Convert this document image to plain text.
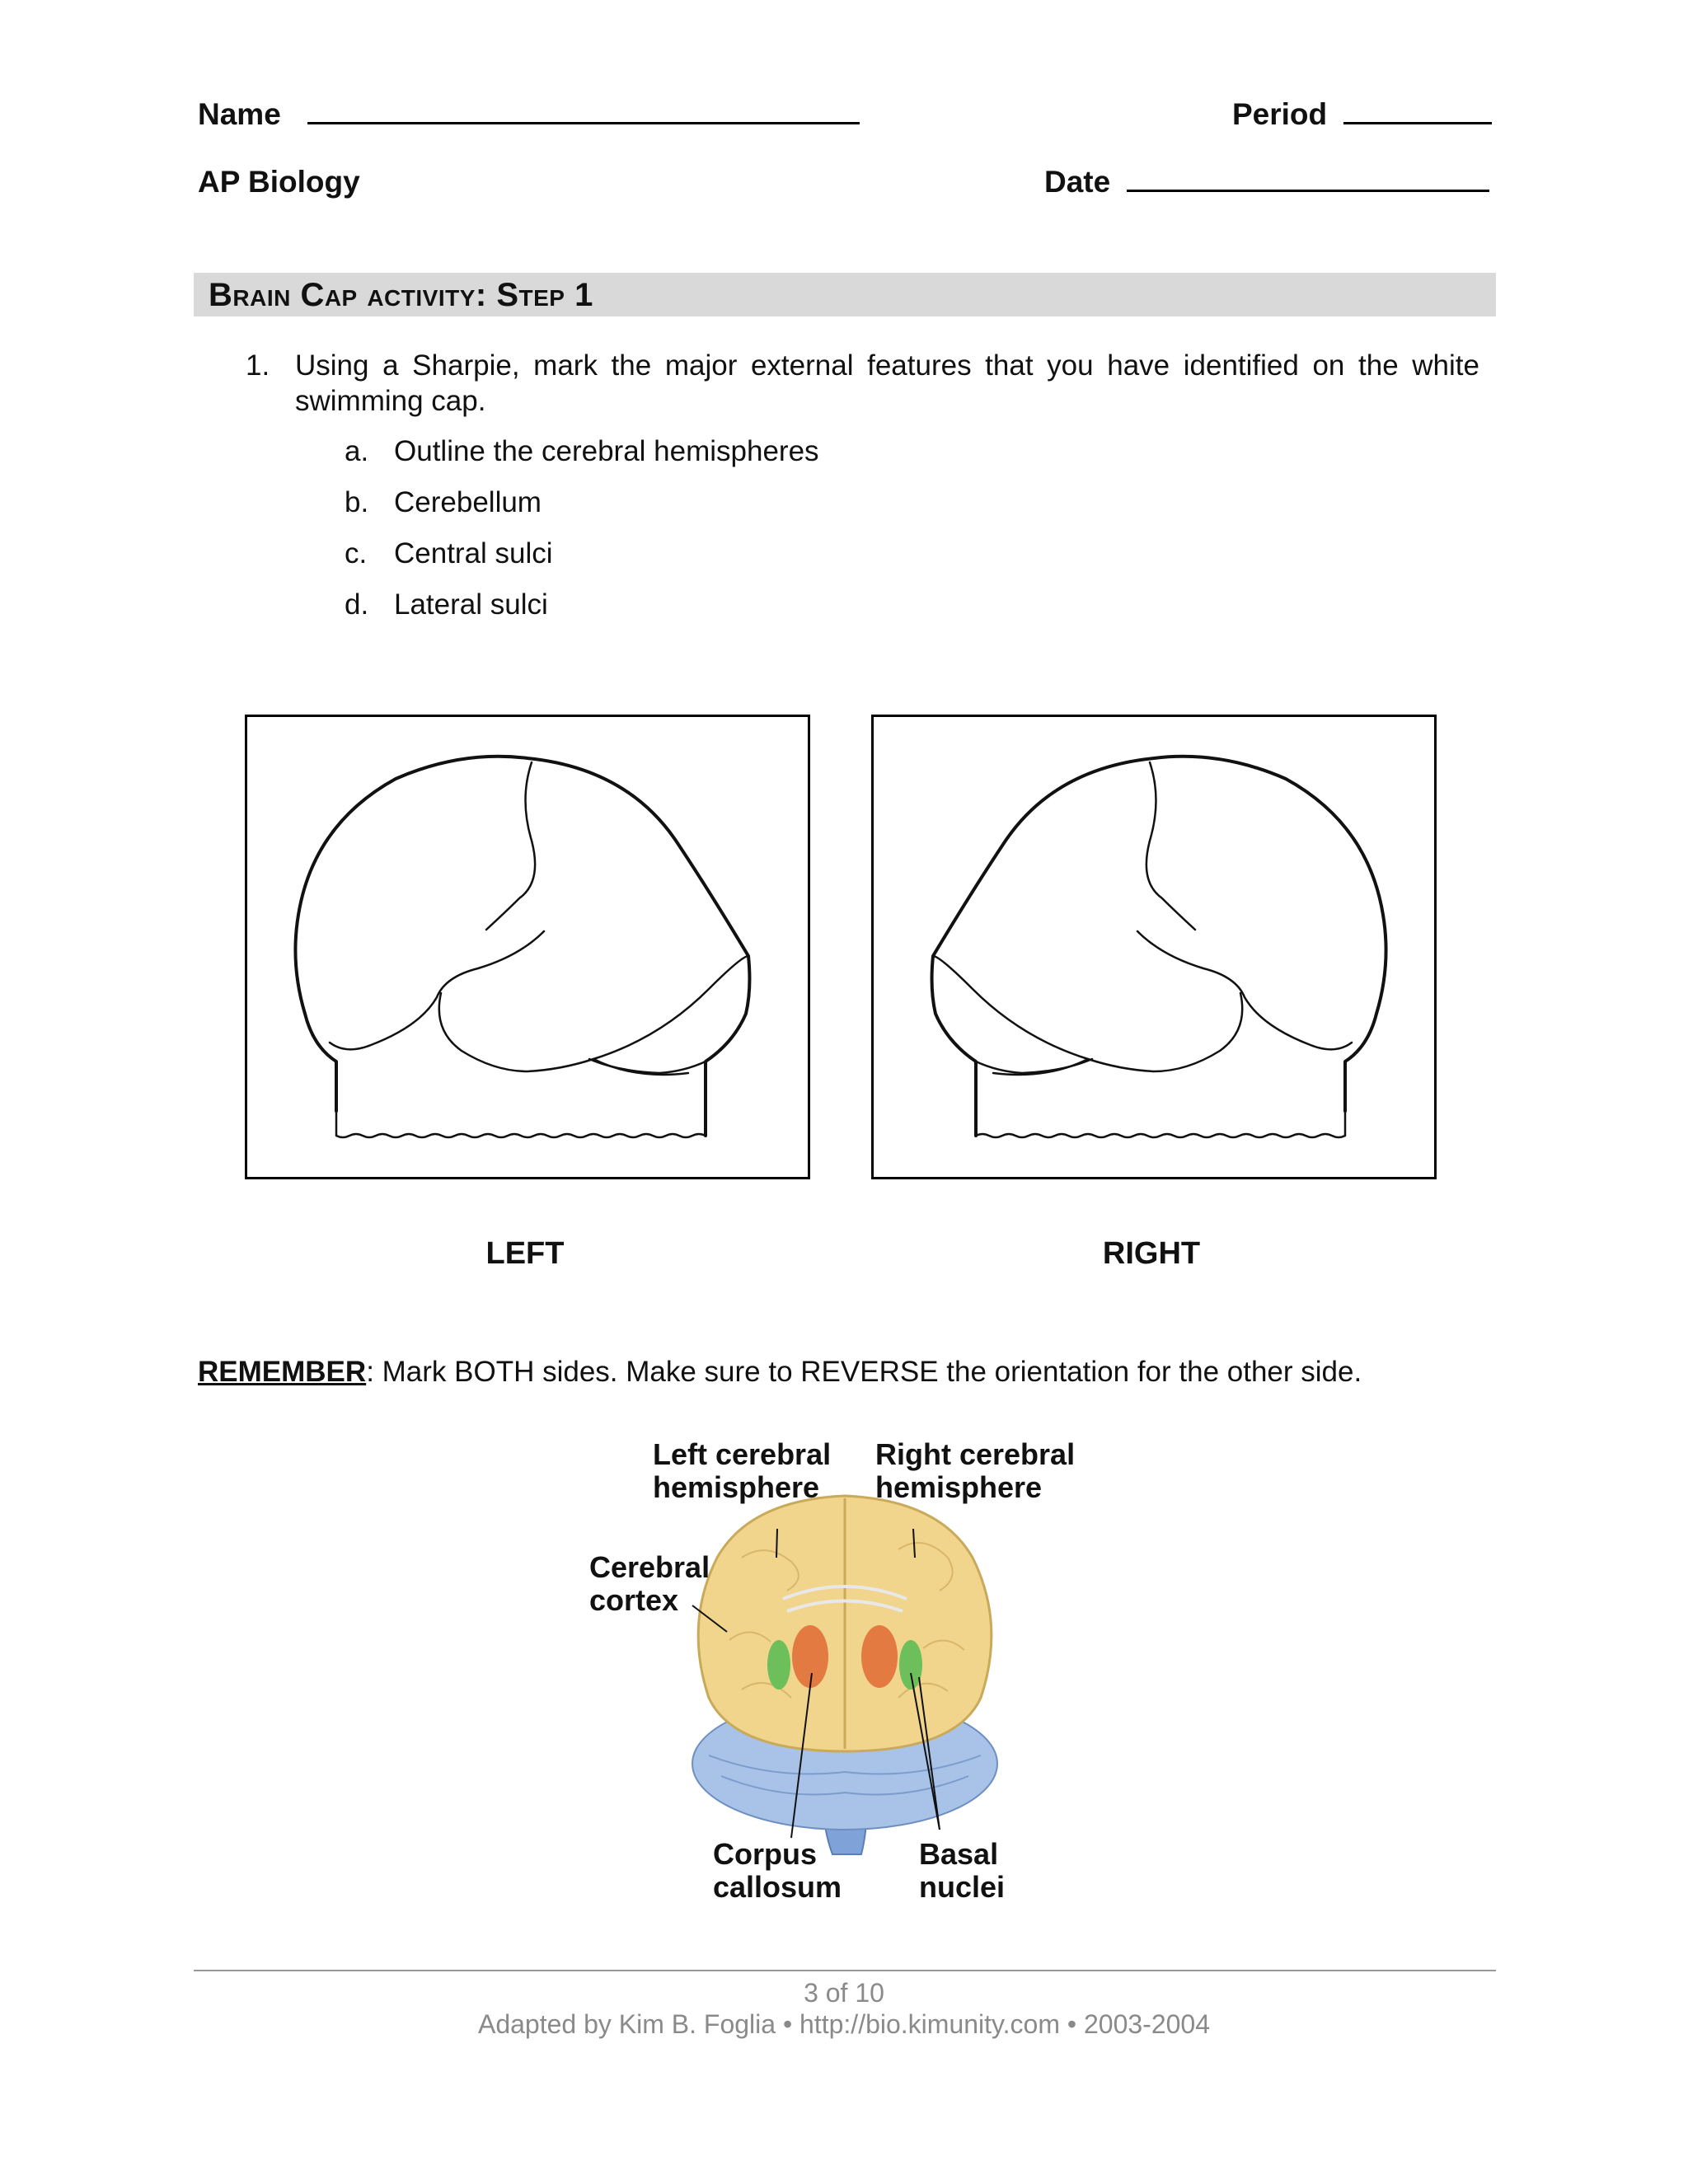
Name	Period
AP Biology	Date
Brain Cap activity: Step 1
1. Using a Sharpie, mark the major external features that you have identified on the white swimming cap.
a. Outline the cerebral hemispheres
b. Cerebellum
c. Central sulci
d. Lateral sulci
LEFT	RIGHT
REMEMBER: Mark BOTH sides. Make sure to REVERSE the orientation for the other side.
Left cerebral
hemisphere
Right cerebral
hemisphere
Cerebral
cortex
Corpus
callosum
Basal
nuclei
3 of 10
Adapted by Kim B. Foglia • http://bio.kimunity.com • 2003-2004
